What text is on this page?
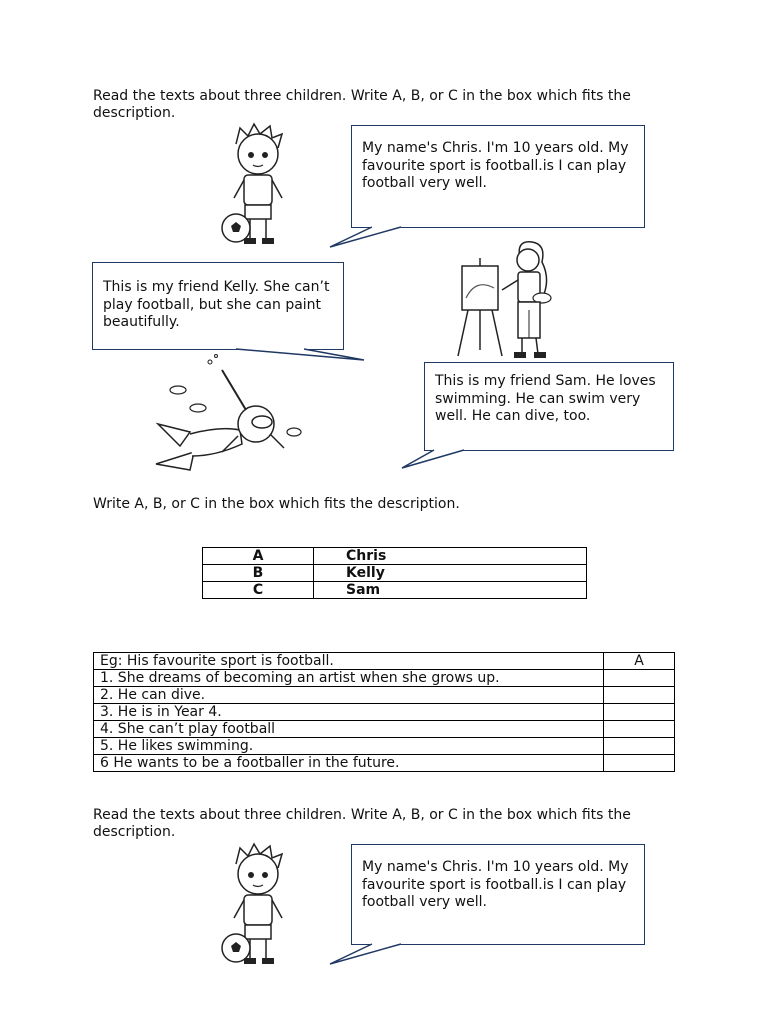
Read the texts about three children. Write A, B, or C in the box which fits the description.

My name's Chris. I'm 10 years old. My favourite sport is football.is I can play football very well.
This is my friend Kelly. She can’t play football, but she can paint beautifully.
This is my friend Sam. He loves swimming. He can swim very well. He can dive, too.

Write A, B, or C in the box which fits the description.

A	Chris
B	Kelly
C	Sam
Eg: His favourite sport is football.	A
1. She dreams of becoming an artist when she grows up.	
2. He can dive.	
3. He is in Year 4.	
4. She can’t play football	
5. He likes swimming.	
6 He wants to be a footballer in the future.	

Read the texts about three children. Write A, B, or C in the box which fits the description.

My name's Chris. I'm 10 years old. My favourite sport is football.is I can play football very well.
